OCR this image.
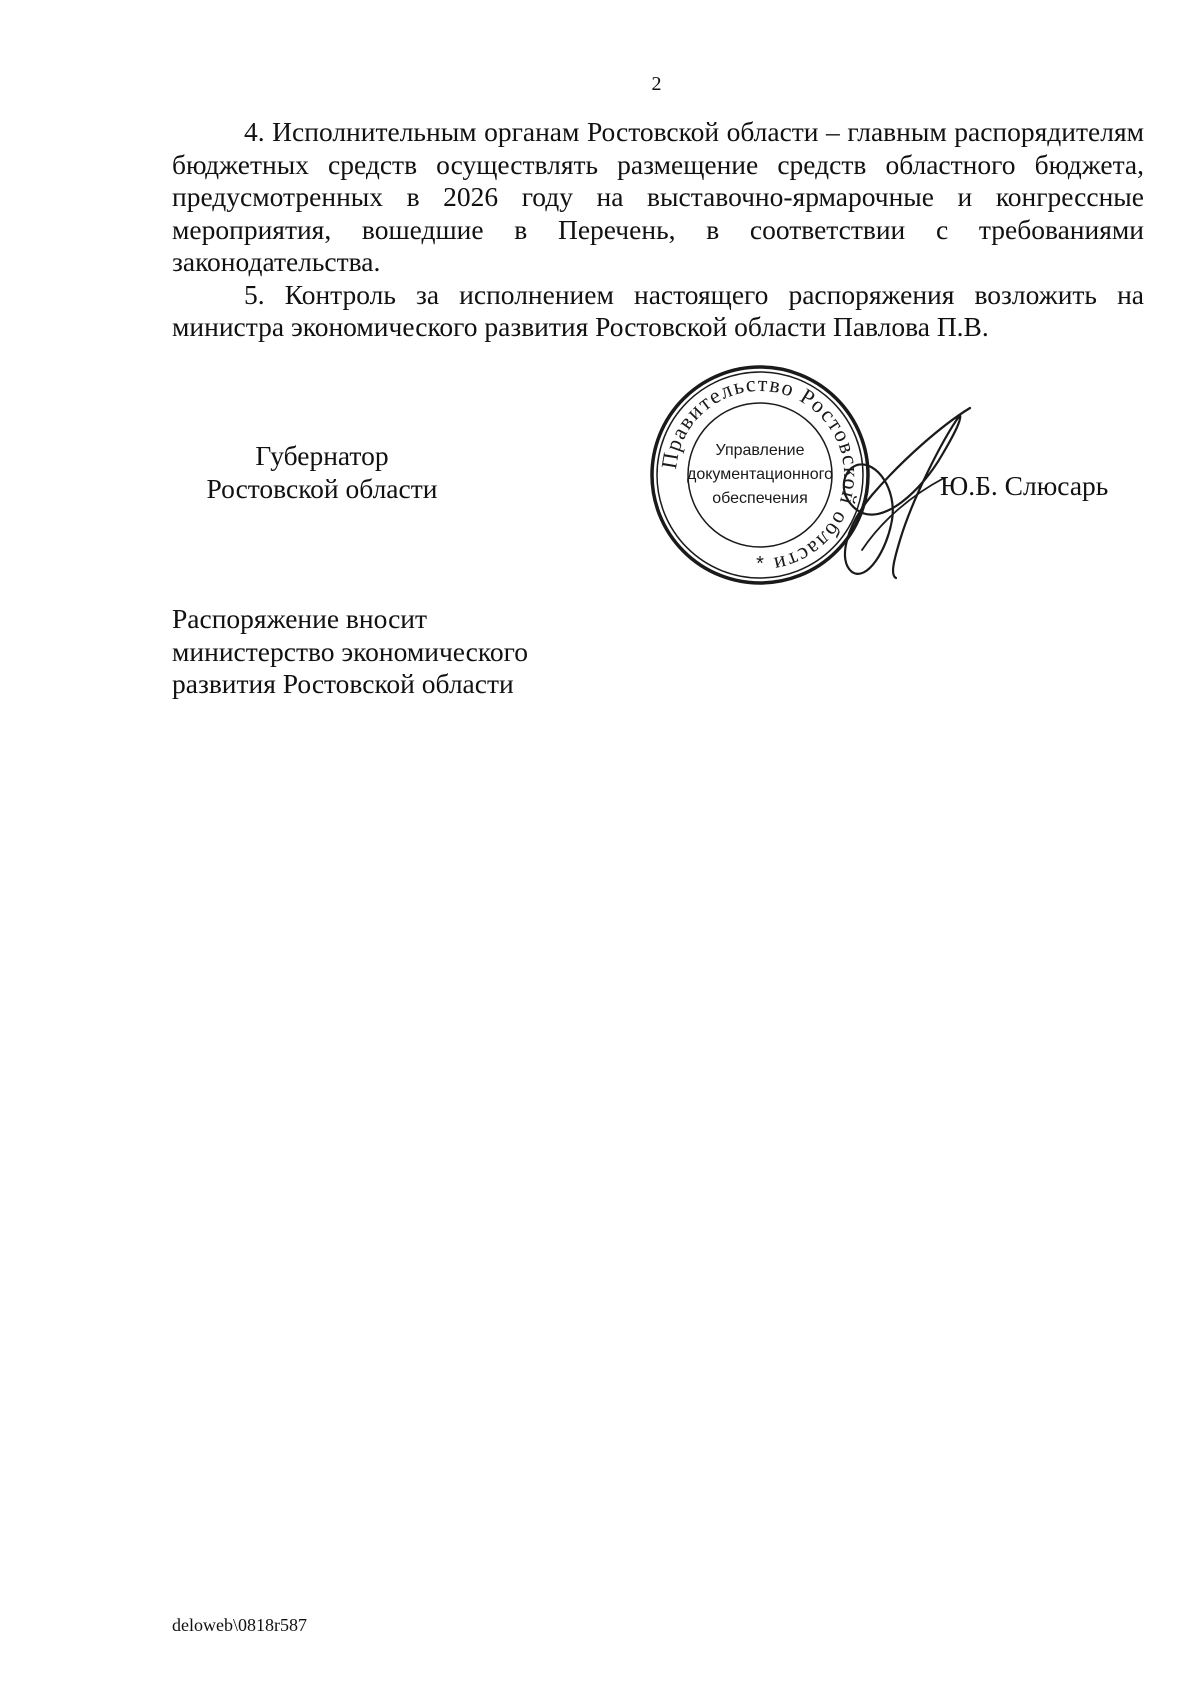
2

4. Исполнительным органам Ростовской области – главным распорядителям бюджетных средств осуществлять размещение средств областного бюджета, предусмотренных в 2026 году на выставочно-ярмарочные и конгрессные мероприятия, вошедшие в Перечень, в соответствии с требованиями законодательства.

5. Контроль за исполнением настоящего распоряжения возложить на министра экономического развития Ростовской области Павлова П.В.

Губернатор
Ростовской области
Правительство Ростовской области
Управление
документационного
обеспечения
*
Ю.Б. Слюсарь
Распоряжение вносит
министерство экономического
развития Ростовской области
deloweb\0818r587
